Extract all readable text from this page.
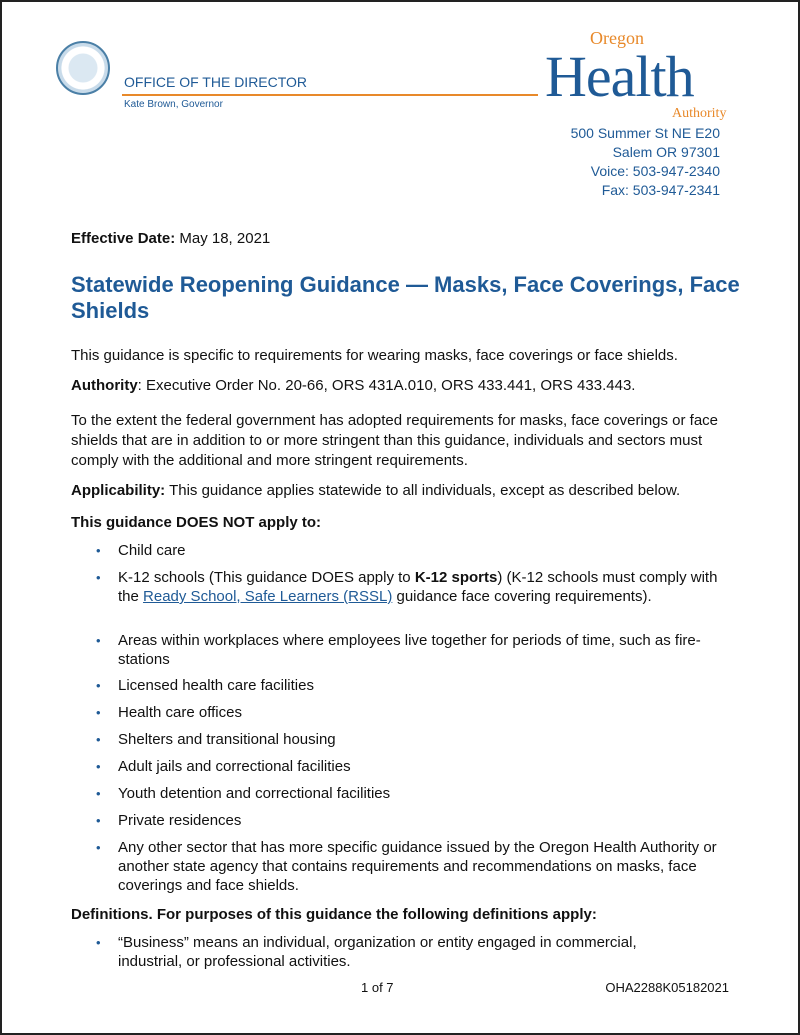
OFFICE OF THE DIRECTOR
Kate Brown, Governor
Oregon
Health
Authority
500 Summer St NE E20
Salem OR 97301
Voice: 503-947-2340
Fax: 503-947-2341
Effective Date: May 18, 2021
Statewide Reopening Guidance — Masks, Face Coverings, Face Shields
This guidance is specific to requirements for wearing masks, face coverings or face shields.
Authority: Executive Order No. 20-66, ORS 431A.010, ORS 433.441, ORS 433.443.
To the extent the federal government has adopted requirements for masks, face coverings or face shields that are in addition to or more stringent than this guidance, individuals and sectors must comply with the additional and more stringent requirements.
Applicability: This guidance applies statewide to all individuals, except as described below.
This guidance DOES NOT apply to:
• Child care
• K-12 schools (This guidance DOES apply to K-12 sports) (K-12 schools must comply with the Ready School, Safe Learners (RSSL) guidance face covering requirements).
• Areas within workplaces where employees live together for periods of time, such as fire-stations
• Licensed health care facilities
• Health care offices
• Shelters and transitional housing
• Adult jails and correctional facilities
• Youth detention and correctional facilities
• Private residences
• Any other sector that has more specific guidance issued by the Oregon Health Authority or another state agency that contains requirements and recommendations on masks, face coverings and face shields.
Definitions. For purposes of this guidance the following definitions apply:
• “Business” means an individual, organization or entity engaged in commercial, industrial, or professional activities.
1 of 7	OHA2288K05182021
